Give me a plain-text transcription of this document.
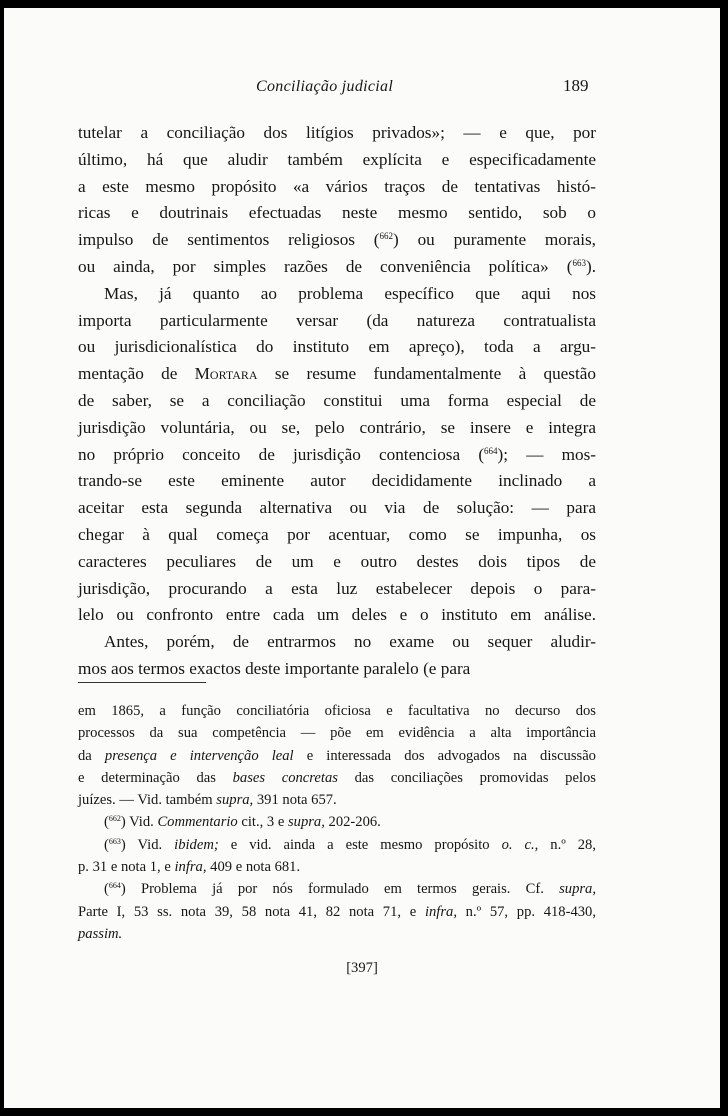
Conciliação judicial	189
tutelar a conciliação dos litígios privados»; — e que, por
último, há que aludir também explícita e especificadamente
a este mesmo propósito «a vários traços de tentativas histó-
ricas e doutrinais efectuadas neste mesmo sentido, sob o
impulso de sentimentos religiosos ($^{662}$) ou puramente morais,
ou ainda, por simples razões de conveniência política» ($^{663}$).
Mas, já quanto ao problema específico que aqui nos
importa particularmente versar (da natureza contratualista
ou jurisdicionalística do instituto em apreço), toda a argu-
mentação de Mortara se resume fundamentalmente à questão
de saber, se a conciliação constitui uma forma especial de
jurisdição voluntária, ou se, pelo contrário, se insere e integra
no próprio conceito de jurisdição contenciosa ($^{664}$); — mos-
trando-se este eminente autor decididamente inclinado a
aceitar esta segunda alternativa ou via de solução: — para
chegar à qual começa por acentuar, como se impunha, os
caracteres peculiares de um e outro destes dois tipos de
jurisdição, procurando a esta luz estabelecer depois o para-
lelo ou confronto entre cada um deles e o instituto em análise.
Antes, porém, de entrarmos no exame ou sequer aludir-
mos aos termos exactos deste importante paralelo (e para
em 1865, a função conciliatória oficiosa e facultativa no decurso dos
processos da sua competência — põe em evidência a alta importância
da presença e intervenção leal e interessada dos advogados na discussão
e determinação das bases concretas das conciliações promovidas pelos
juízes. — Vid. também supra, 391 nota 657.
($^{662}$) Vid. Commentario cit., 3 e supra, 202-206.
($^{663}$) Vid. ibidem; e vid. ainda a este mesmo propósito o. c., n.º 28,
p. 31 e nota 1, e infra, 409 e nota 681.
($^{664}$) Problema já por nós formulado em termos gerais. Cf. supra,
Parte I, 53 ss. nota 39, 58 nota 41, 82 nota 71, e infra, n.º 57, pp. 418-430,
passim.
[397]
